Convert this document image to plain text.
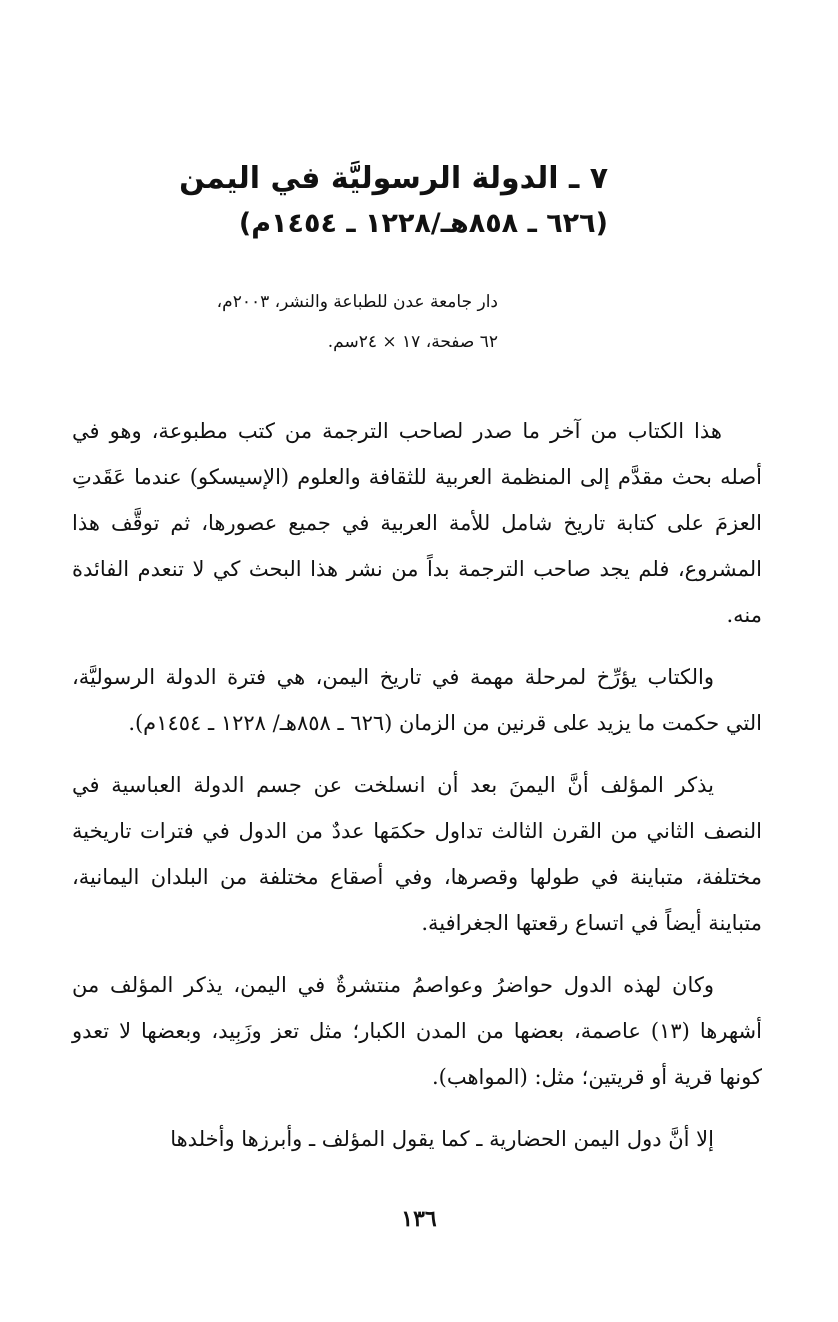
٧ ـ الدولة الرسوليَّة في اليمن
(٦٢٦ ـ ٨٥٨هـ/١٢٢٨ ـ ١٤٥٤م)
دار جامعة عدن للطباعة والنشر، ٢٠٠٣م،
٦٢ صفحة، ١٧ × ٢٤سم.

هذا الكتاب من آخر ما صدر لصاحب الترجمة من كتب مطبوعة، وهو في أصله بحث مقدَّم إلى المنظمة العربية للثقافة والعلوم (الإسيسكو) عندما عَقَدتِ العزمَ على كتابة تاريخ شامل للأمة العربية في جميع عصورها، ثم توقَّف هذا المشروع، فلم يجد صاحب الترجمة بداً من نشر هذا البحث كي لا تنعدم الفائدة منه.

والكتاب يؤرِّخ لمرحلة مهمة في تاريخ اليمن، هي فترة الدولة الرسوليَّة، التي حكمت ما يزيد على قرنين من الزمان (٦٢٦ ـ ٨٥٨هـ/ ١٢٢٨ ـ ١٤٥٤م).

يذكر المؤلف أنَّ اليمنَ بعد أن انسلخت عن جسم الدولة العباسية في النصف الثاني من القرن الثالث تداول حكمَها عددٌ من الدول في فترات تاريخية مختلفة، متباينة في طولها وقصرها، وفي أصقاع مختلفة من البلدان اليمانية، متباينة أيضاً في اتساع رقعتها الجغرافية.

وكان لهذه الدول حواضرُ وعواصمُ منتشرةٌ في اليمن، يذكر المؤلف من أشهرها (١٣) عاصمة، بعضها من المدن الكبار؛ مثل تعز وزَبِيد، وبعضها لا تعدو كونها قرية أو قريتين؛ مثل: (المواهب).

إلا أنَّ دول اليمن الحضارية ـ كما يقول المؤلف ـ وأبرزها وأخلدها

١٣٦
